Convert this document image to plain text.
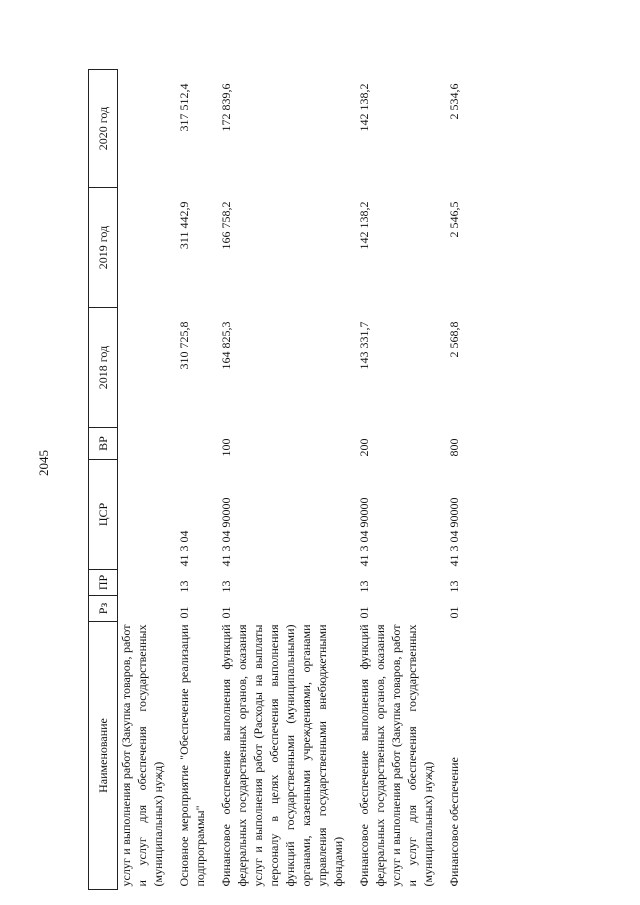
2045
Наименование	Рз	ПР	ЦСР	ВР	2018 год	2019 год	2020 год
услуг и выполнения работ (Закупка товаров, работ и услуг для обеспечения государственных (муниципальных) нужд)							
Основное мероприятие "Обеспечение реализации подпрограммы"	01	13	41 3 04		310 725,8	311 442,9	317 512,4
Финансовое обеспечение выполнения функций федеральных государственных органов, оказания услуг и выполнения работ (Расходы на выплаты персоналу в целях обеспечения выполнения функций государственными (муниципальными) органами, казенными учреждениями, органами управления государственными внебюджетными фондами)	01	13	41 3 04 90000	100	164 825,3	166 758,2	172 839,6
Финансовое обеспечение выполнения функций федеральных государственных органов, оказания услуг и выполнения работ (Закупка товаров, работ и услуг для обеспечения государственных (муниципальных) нужд)	01	13	41 3 04 90000	200	143 331,7	142 138,2	142 138,2
Финансовое обеспечение	01	13	41 3 04 90000	800	2 568,8	2 546,5	2 534,6
